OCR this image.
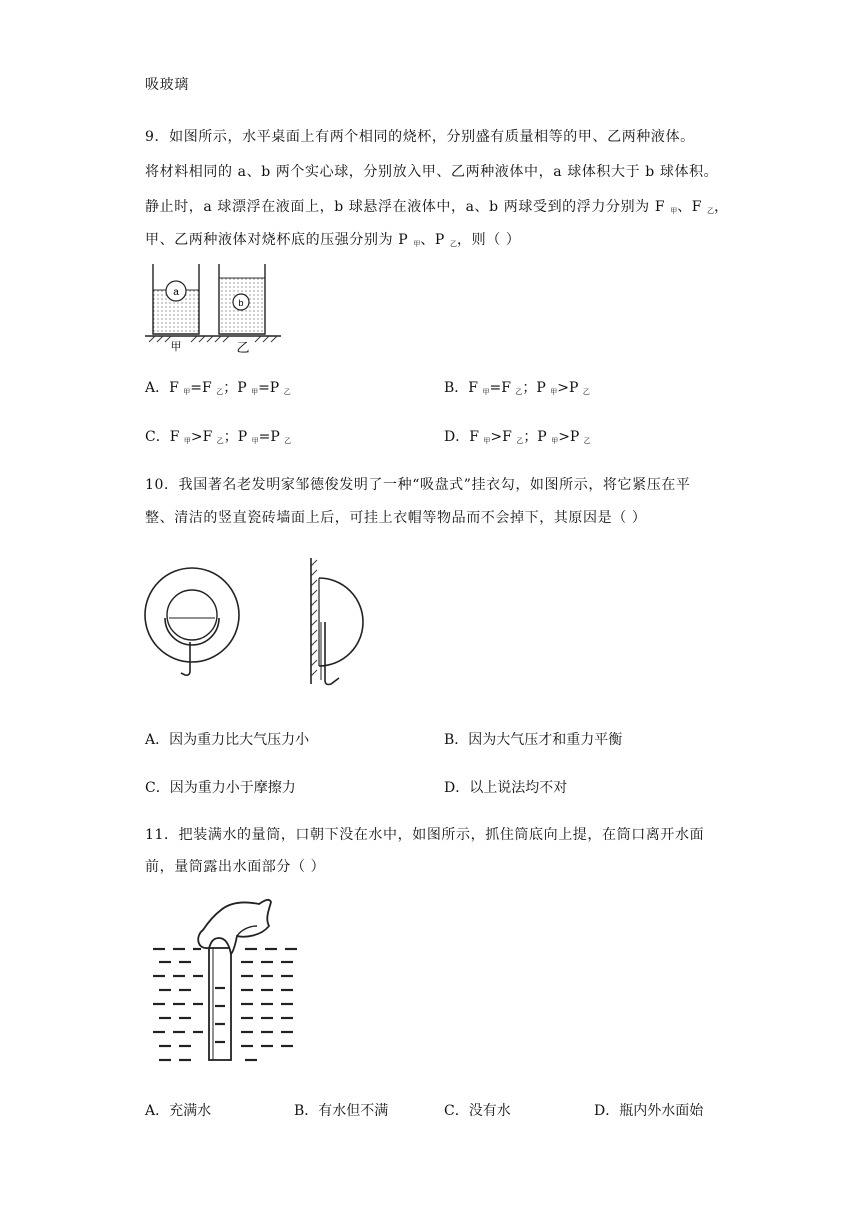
吸玻璃
9．如图所示，水平桌面上有两个相同的烧杯，分别盛有质量相等的甲、乙两种液体。
将材料相同的 a、b 两个实心球，分别放入甲、乙两种液体中，a 球体积大于 b 球体积。
静止时，a 球漂浮在液面上，b 球悬浮在液体中，a、b 两球受到的浮力分别为 F $_甲$、F $_乙$，
甲、乙两种液体对烧杯底的压强分别为 P $_甲$、P $_乙$，则（ ）
a
b
甲	乙
A．F $_甲$=F $_乙$；P $_甲$=P $_乙$	B．F $_甲$=F $_乙$；P $_甲$>P $_乙$
C．F $_甲$>F $_乙$；P $_甲$=P $_乙$	D．F $_甲$>F $_乙$；P $_甲$>P $_乙$
10．我国著名老发明家邹德俊发明了一种“吸盘式”挂衣勾，如图所示，将它紧压在平
整、清洁的竖直瓷砖墙面上后，可挂上衣帽等物品而不会掉下，其原因是（ ）
A．因为重力比大气压力小	B．因为大气压才和重力平衡
C．因为重力小于摩擦力	D．以上说法均不对
11．把装满水的量筒，口朝下没在水中，如图所示，抓住筒底向上提，在筒口离开水面
前，量筒露出水面部分（ ）
A．充满水	B．有水但不满	C．没有水	D．瓶内外水面始
